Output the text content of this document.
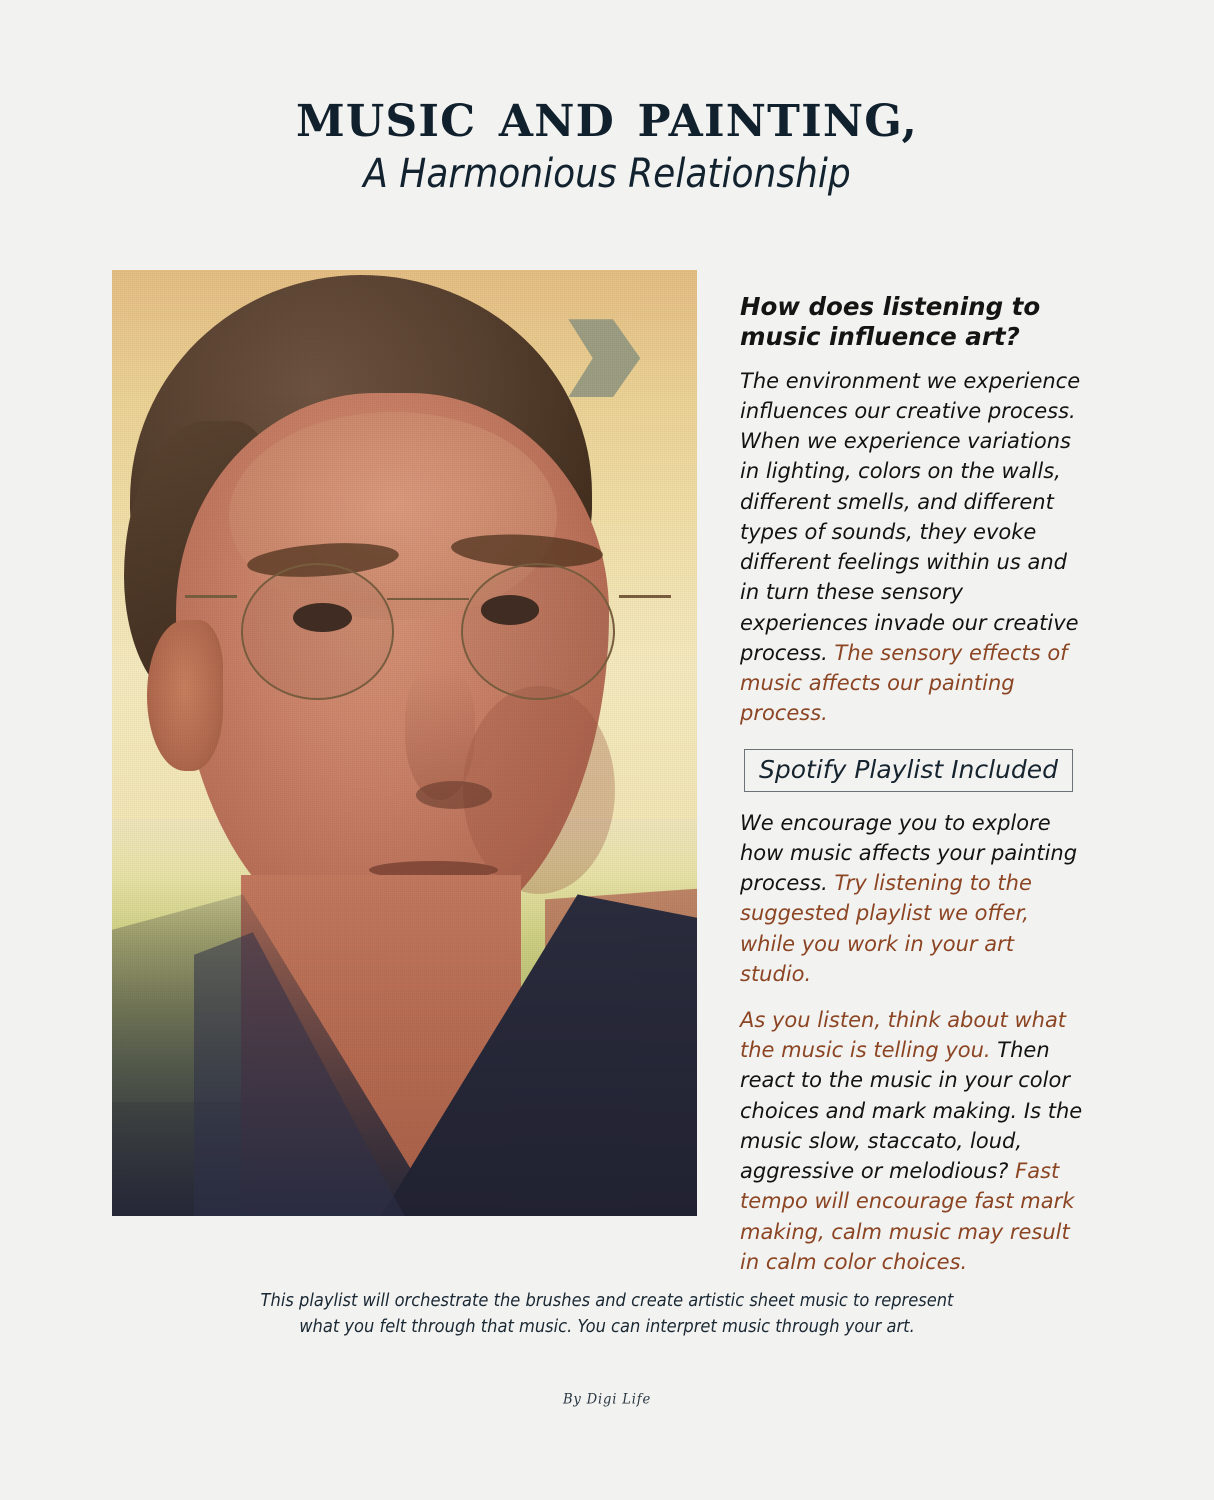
MUSIC AND PAINTING,
A Harmonious Relationship
How does listening to music influence art?

The environment we experience influences our creative process. When we experience variations in lighting, colors on the walls, different smells, and different types of sounds, they evoke different feelings within us and in turn these sensory experiences invade our creative process. The sensory effects of music affects our painting process.

Spotify Playlist Included

We encourage you to explore how music affects your painting process. Try listening to the suggested playlist we offer, while you work in your art studio.

As you listen, think about what the music is telling you. Then react to the music in your color choices and mark making. Is the music slow, staccato, loud, aggressive or melodious? Fast tempo will encourage fast mark making, calm music may result in calm color choices.

This playlist will orchestrate the brushes and create artistic sheet music to represent what you felt through that music. You can interpret music through your art.

By Digi Life
